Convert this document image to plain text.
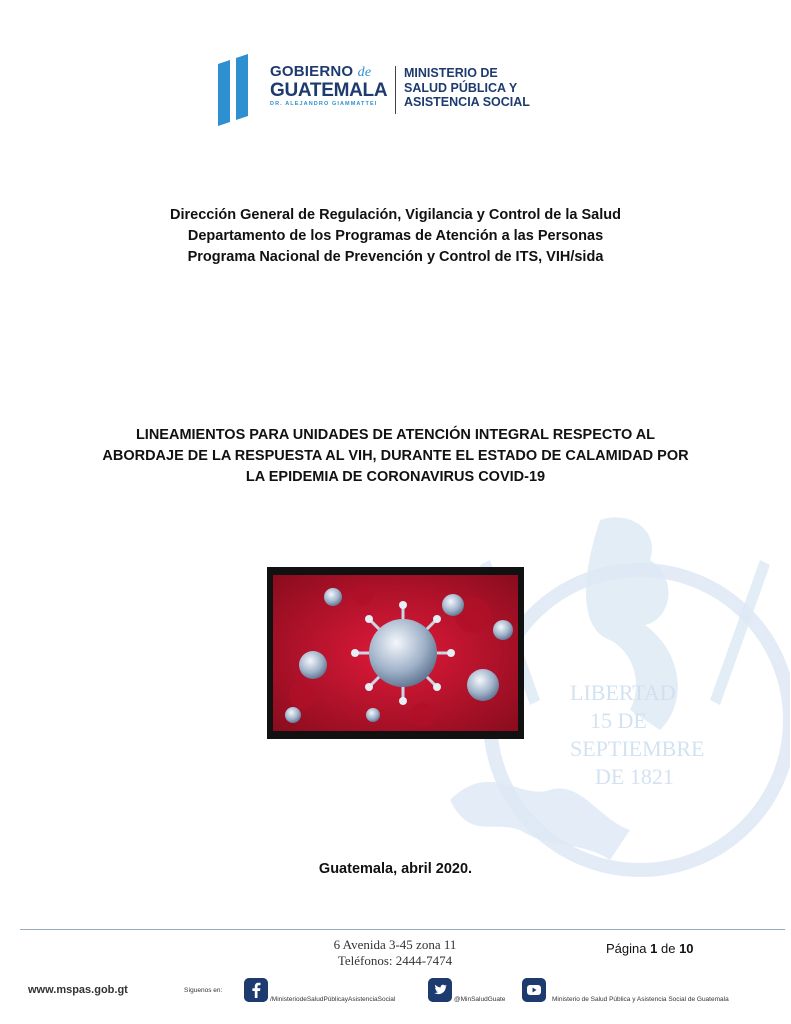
LIBERTAD
15 DE
SEPTIEMBRE
DE 1821
GOBIERNO de
GUATEMALA
DR. ALEJANDRO GIAMMATTEI
MINISTERIO DE
SALUD PÚBLICA Y
ASISTENCIA SOCIAL
Dirección General de Regulación, Vigilancia y Control de la Salud
Departamento de los Programas de Atención a las Personas
Programa Nacional de Prevención y Control de ITS, VIH/sida
LINEAMIENTOS PARA UNIDADES DE ATENCIÓN INTEGRAL RESPECTO AL
ABORDAJE DE LA RESPUESTA AL VIH, DURANTE EL ESTADO DE CALAMIDAD POR
LA EPIDEMIA DE CORONAVIRUS COVID-19
Guatemala, abril 2020.
6 Avenida 3-45 zona 11
Teléfonos: 2444-7474
Página 1 de 10
www.mspas.gob.gt	Síguenos en:
/MinisteriodeSaludPúblicayAsistenciaSocial	@MinSaludGuate	Ministerio de Salud Pública y Asistencia Social de Guatemala
